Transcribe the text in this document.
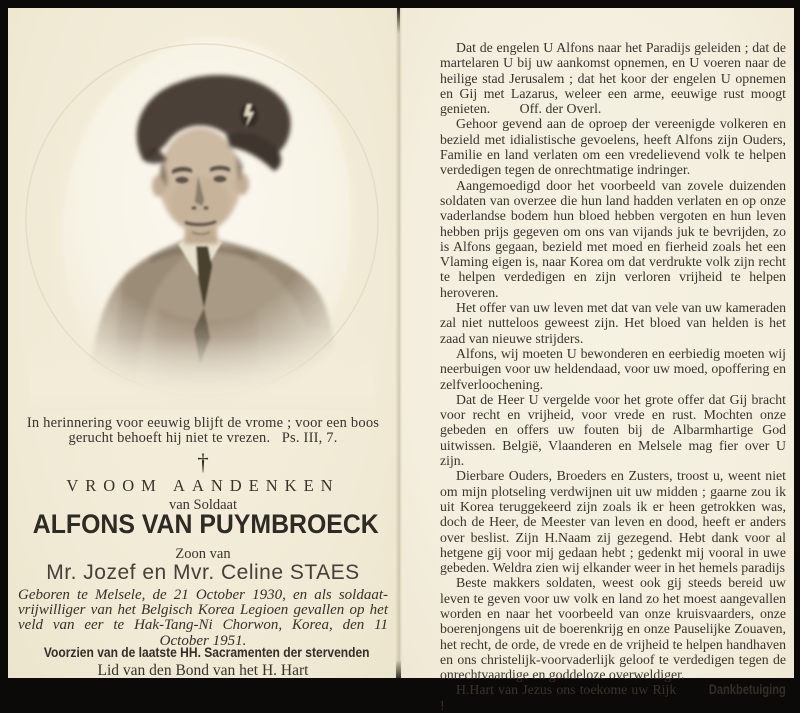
In herinnering voor eeuwig blijft de vrome ; voor een boos gerucht behoeft hij niet te vrezen. Ps. III, 7.
†
VROOM AANDENKEN
van Soldaat
ALFONS VAN PUYMBROECK
Zoon van
Mr. Jozef en Mvr. Celine STAES
Geboren te Melsele, de 21 October 1930, en als soldaat-vrijwilliger van het Belgisch Korea Legioen gevallen op het veld van eer te Hak-Tang-Ni Chorwon, Korea, den 11 October 1951.
Voorzien van de laatste HH. Sacramenten der stervenden
Lid van den Bond van het H. Hart

Dat de engelen U Alfons naar het Paradijs geleiden ; dat de martelaren U bij uw aankomst opnemen, en U voeren naar de heilige stad Jerusalem ; dat het koor der engelen U opnemen en Gij met Lazarus, weleer een arme, eeuwige rust moogt genieten. Off. der Overl.

Gehoor gevend aan de oproep der vereenigde volkeren en bezield met idialistische gevoelens, heeft Alfons zijn Ouders, Familie en land verlaten om een vredelievend volk te helpen verdedigen tegen de onrechtmatige indringer.

Aangemoedigd door het voorbeeld van zovele duizenden soldaten van overzee die hun land hadden verlaten en op onze vaderlandse bodem hun bloed hebben vergoten en hun leven hebben prijs gegeven om ons van vijands juk te bevrijden, zo is Alfons gegaan, bezield met moed en fierheid zoals het een Vlaming eigen is, naar Korea om dat verdrukte volk zijn recht te helpen verdedigen en zijn verloren vrijheid te helpen heroveren.

Het offer van uw leven met dat van vele van uw kameraden zal niet nutteloos geweest zijn. Het bloed van helden is het zaad van nieuwe strijders.

Alfons, wij moeten U bewonderen en eerbiedig moeten wij neerbuigen voor uw heldendaad, voor uw moed, opoffering en zelfverloochening.

Dat de Heer U vergelde voor het grote offer dat Gij bracht voor recht en vrijheid, voor vrede en rust. Mochten onze gebeden en offers uw fouten bij de Albarmhartige God uitwissen. België, Vlaanderen en Melsele mag fier over U zijn.

Dierbare Ouders, Broeders en Zusters, troost u, weent niet om mijn plotseling verdwijnen uit uw midden ; gaarne zou ik uit Korea teruggekeerd zijn zoals ik er heen getrokken was, doch de Heer, de Meester van leven en dood, heeft er anders over beslist. Zijn H.Naam zij gezegend. Hebt dank voor al hetgene gij voor mij gedaan hebt ; gedenkt mij vooral in uwe gebeden. Weldra zien wij elkander weer in het hemels paradijs

Beste makkers soldaten, weest ook gij steeds bereid uw leven te geven voor uw volk en land zo het moest aangevallen worden en naar het voorbeeld van onze kruisvaarders, onze boerenjongens uit de boerenkrijg en onze Pauselijke Zouaven, het recht, de orde, de vrede en de vrijheid te helpen handhaven en ons christelijk-voorvaderlijk geloof te verdedigen tegen de onrechtvaardige en goddeloze overweldiger.

H.Hart van Jezus ons toekome uw Rijk !
Dankbetuiging
